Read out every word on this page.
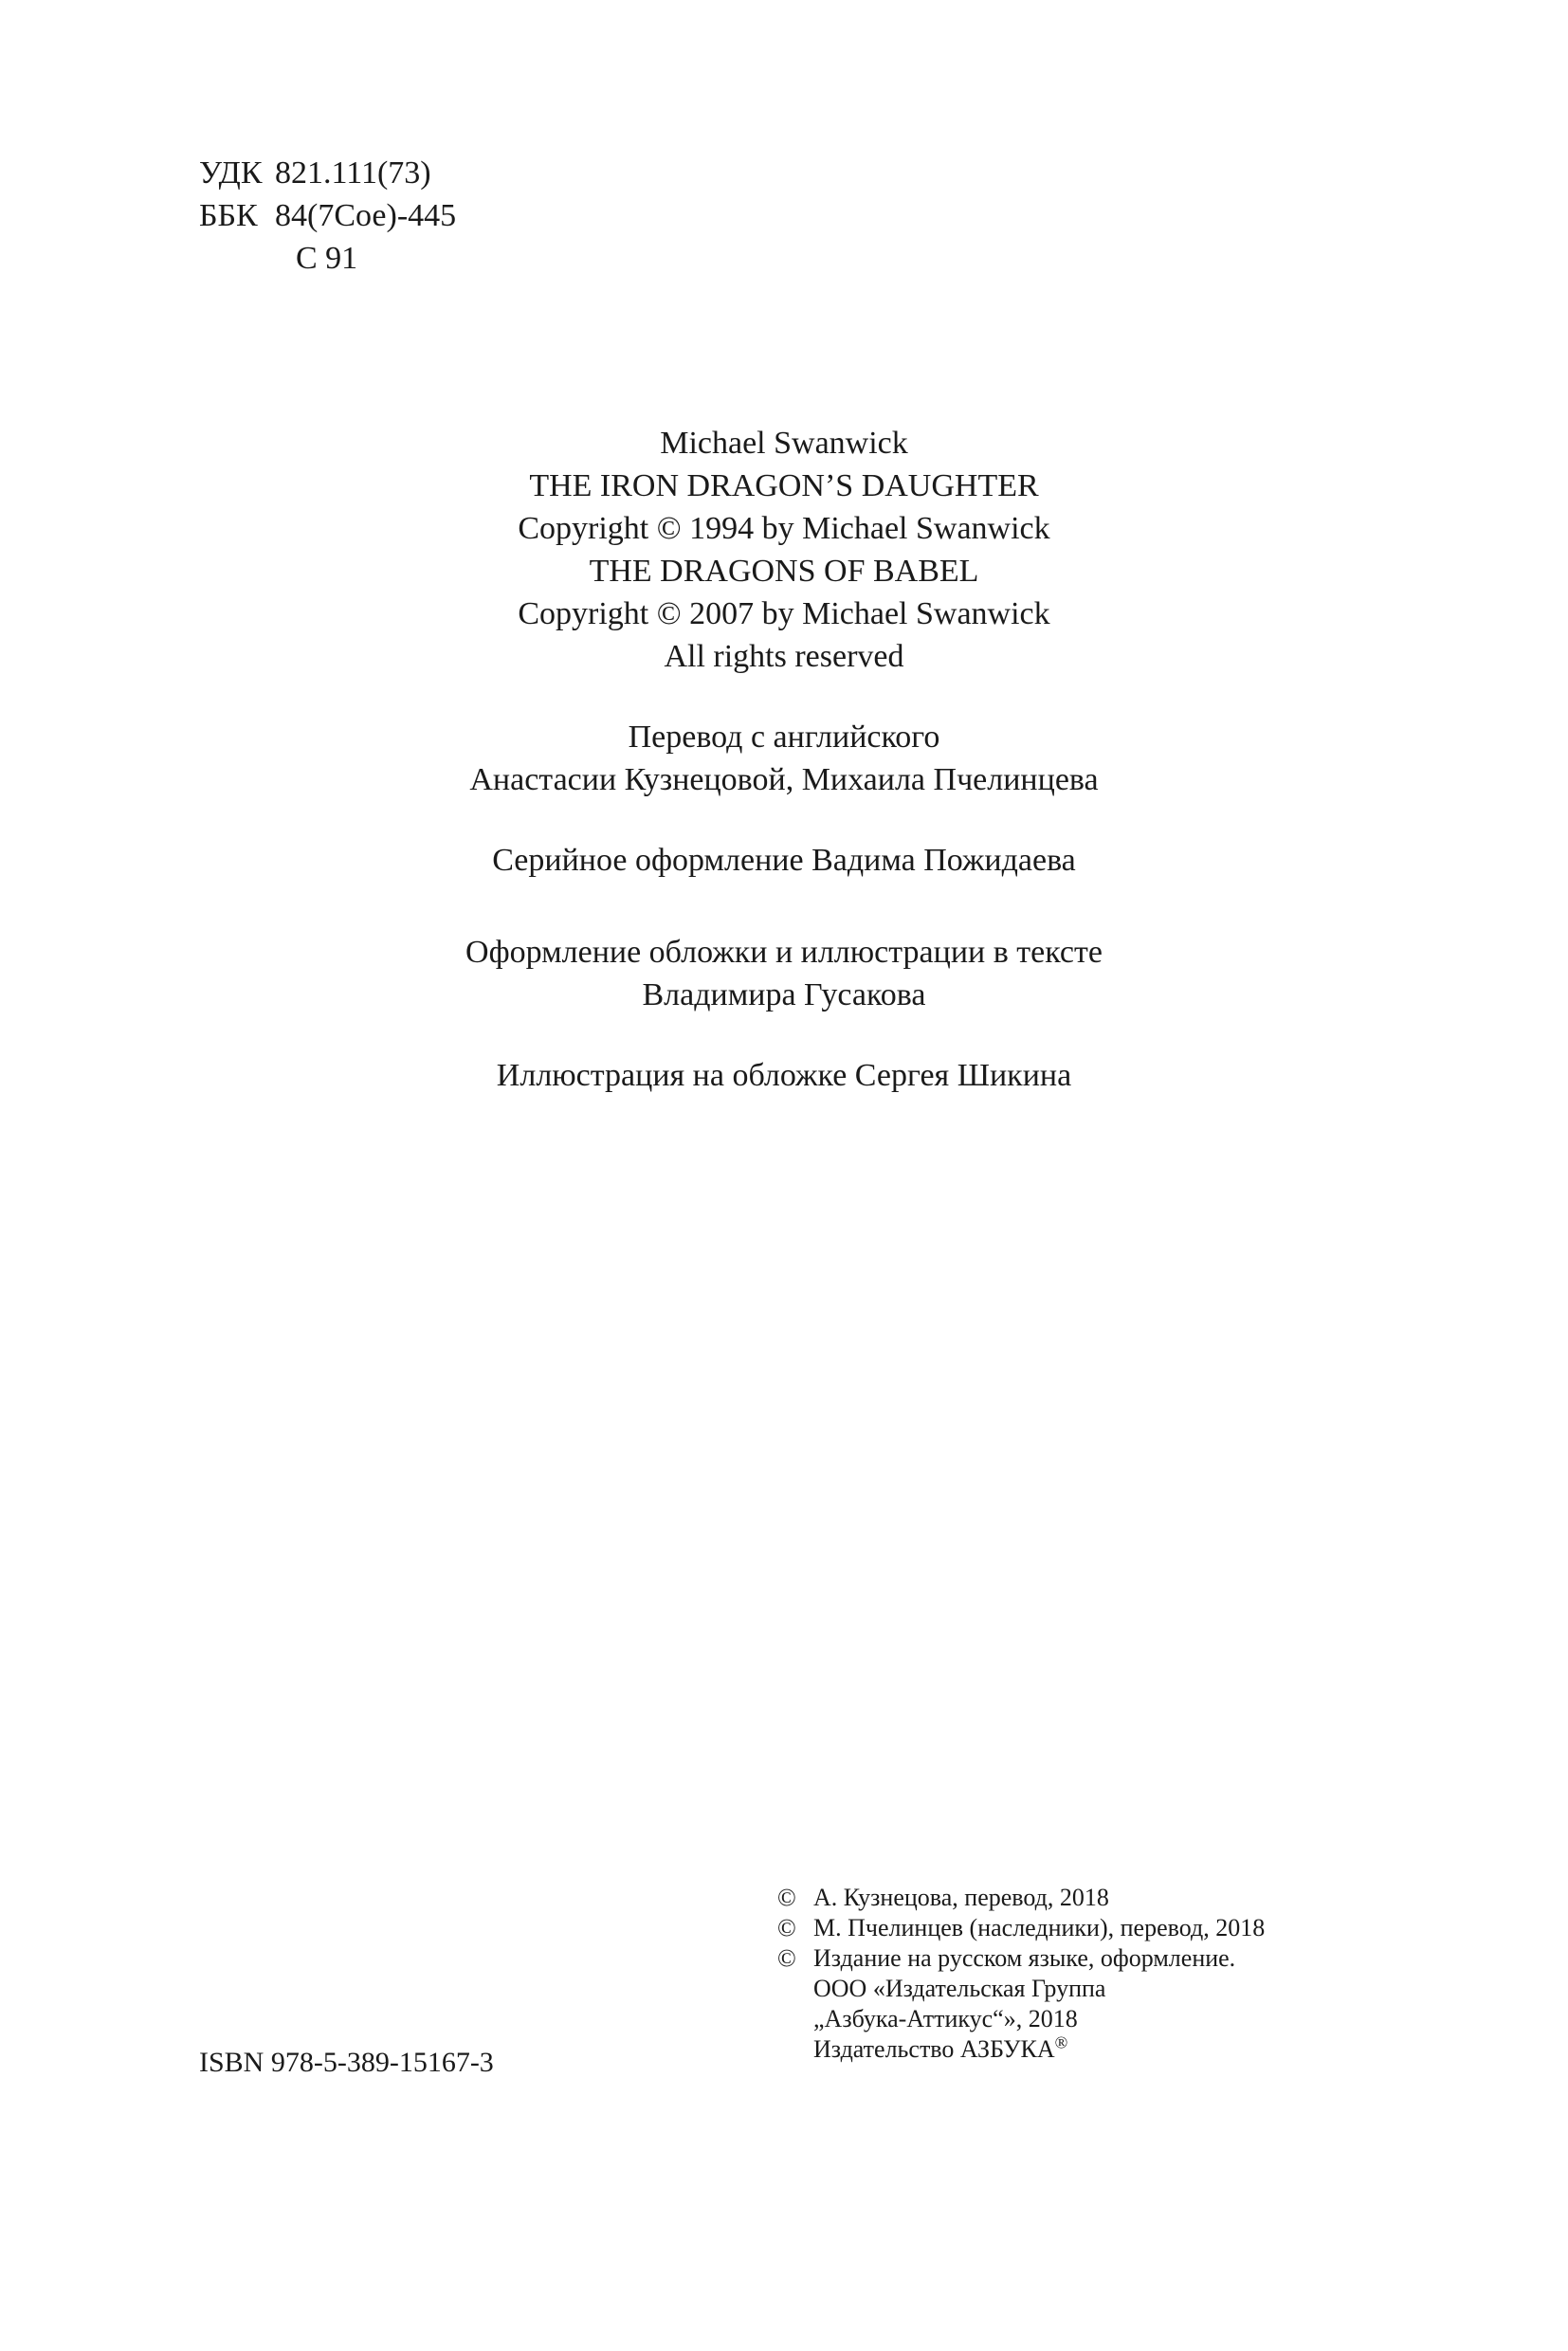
УДК 821.111(73)
ББК 84(7Сое)-445
С 91
Michael Swanwick
THE IRON DRAGON’S DAUGHTER
Copyright © 1994 by Michael Swanwick
THE DRAGONS OF BABEL
Copyright © 2007 by Michael Swanwick
All rights reserved
Перевод с английского
Анастасии Кузнецовой, Михаила Пчелинцева
Серийное оформление Вадима Пожидаева
Оформление обложки и иллюстрации в тексте
Владимира Гусакова
Иллюстрация на обложке Сергея Шикина
ISBN 978-5-389-15167-3
© А. Кузнецова, перевод, 2018
© М. Пчелинцев (наследники), перевод, 2018
© Издание на русском языке, оформление.
ООО «Издательская Группа
„Азбука-Аттикус“», 2018
Издательство АЗБУКА®
